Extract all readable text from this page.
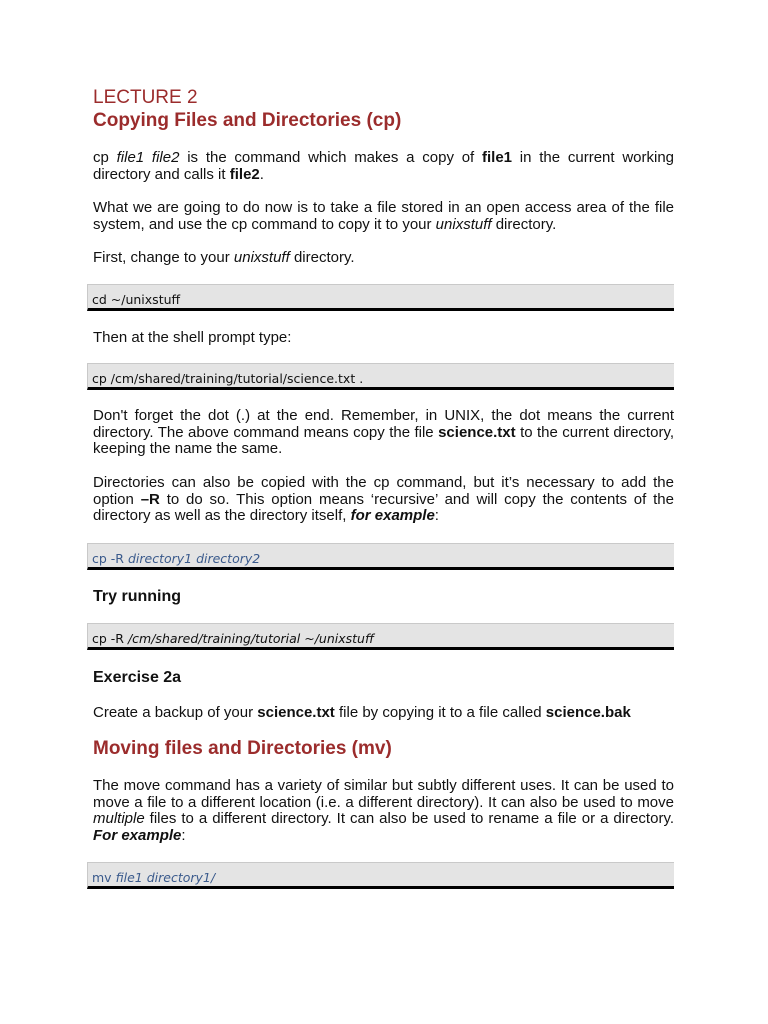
LECTURE 2
Copying Files and Directories (cp)

cp file1 file2 is the command which makes a copy of file1 in the current working directory and calls it file2.

What we are going to do now is to take a file stored in an open access area of the file system, and use the cp command to copy it to your unixstuff directory.

First, change to your unixstuff directory.

cd ~/unixstuff

Then at the shell prompt type:

cp /cm/shared/training/tutorial/science.txt .

Don't forget the dot (.) at the end. Remember, in UNIX, the dot means the current directory. The above command means copy the file science.txt to the current directory, keeping the name the same.

Directories can also be copied with the cp command, but it’s necessary to add the option –R to do so. This option means ‘recursive’ and will copy the contents of the directory as well as the directory itself, for example:

cp -R directory1 directory2
Try running
cp -R /cm/shared/training/tutorial ~/unixstuff
Exercise 2a

Create a backup of your science.txt file by copying it to a file called science.bak

Moving files and Directories (mv)

The move command has a variety of similar but subtly different uses. It can be used to move a file to a different location (i.e. a different directory). It can also be used to move multiple files to a different directory. It can also be used to rename a file or a directory. For example:

mv file1 directory1/
